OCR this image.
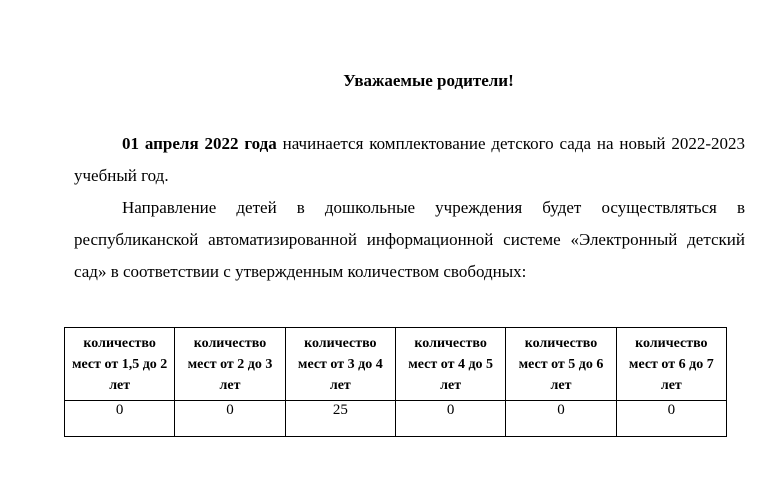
Уважаемые родители!

01 апреля 2022 года начинается комплектование детского сада на новый 2022-2023 учебный год.

Направление детей в дошкольные учреждения будет осуществляться в республиканской автоматизированной информационной системе «Электронный детский сад» в соответствии с утвержденным количеством свободных:

количество мест от 1,5 до 2 лет	количество мест от 2 до 3 лет	количество мест от 3 до 4 лет	количество мест от 4 до 5 лет	количество мест от 5 до 6 лет	количество мест от 6 до 7 лет
0	0	25	0	0	0
